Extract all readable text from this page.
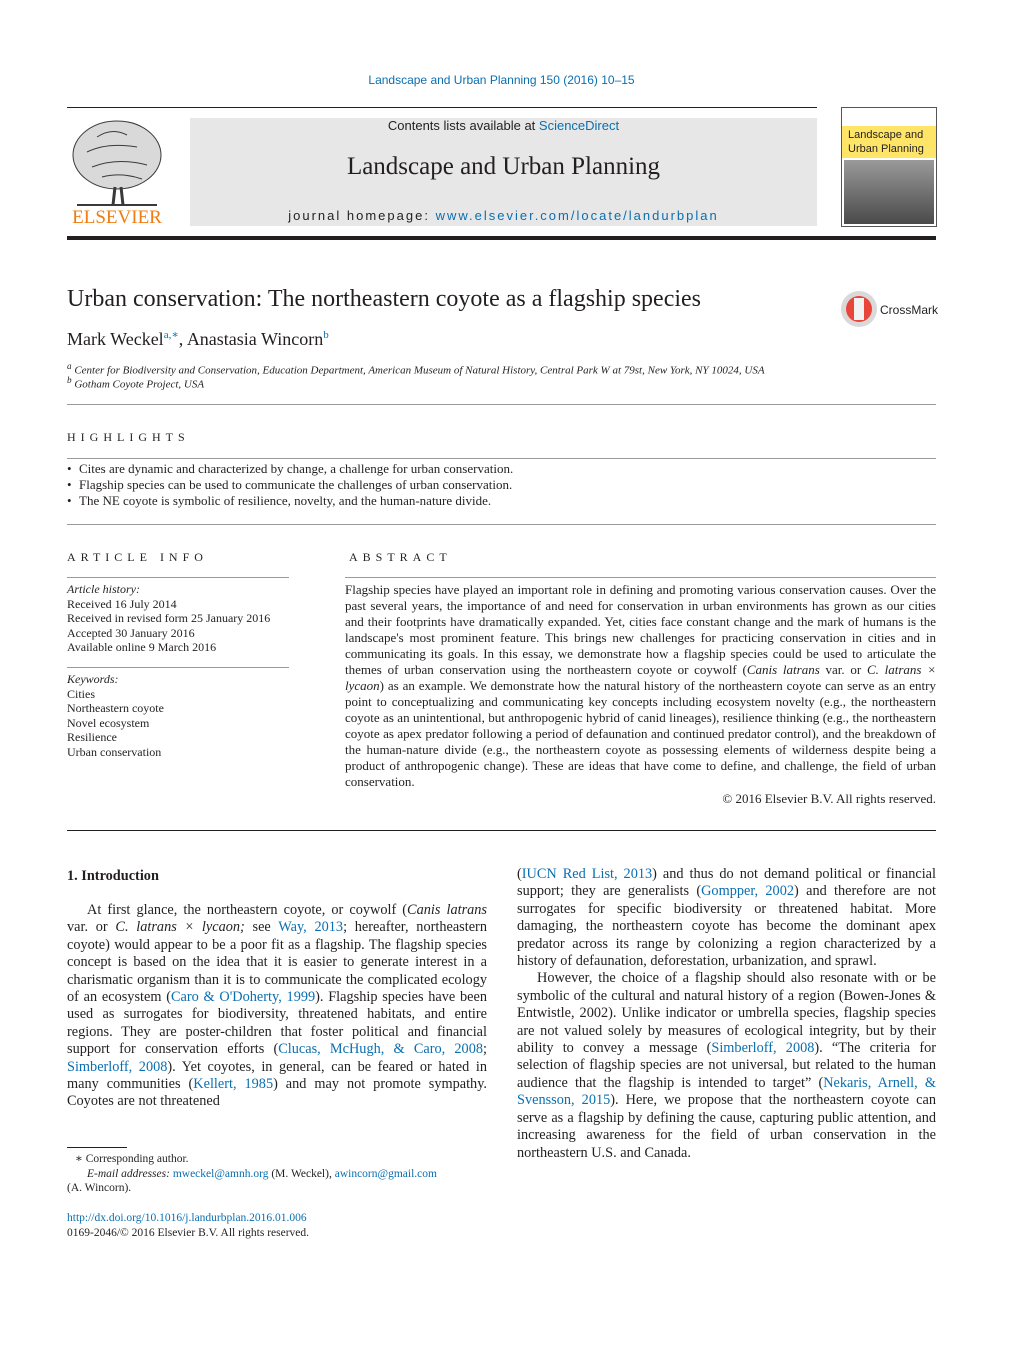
Landscape and Urban Planning 150 (2016) 10–15
ELSEVIER
Contents lists available at ScienceDirect
Landscape and Urban Planning
journal homepage: www.elsevier.com/locate/landurbplan
Landscape and Urban Planning
Urban conservation: The northeastern coyote as a flagship species	CrossMark
Mark Weckel$^{a,∗}$, Anastasia Wincorn$^b$
$^a$ Center for Biodiversity and Conservation, Education Department, American Museum of Natural History, Central Park W at 79st, New York, NY 10024, USA
$^b$ Gotham Coyote Project, USA
HIGHLIGHTS
• Cites are dynamic and characterized by change, a challenge for urban conservation.
• Flagship species can be used to communicate the challenges of urban conservation.
• The NE coyote is symbolic of resilience, novelty, and the human-nature divide.
ARTICLE INFO
Article history:
Received 16 July 2014
Received in revised form 25 January 2016
Accepted 30 January 2016
Available online 9 March 2016
Keywords:
Cities
Northeastern coyote
Novel ecosystem
Resilience
Urban conservation
ABSTRACT
Flagship species have played an important role in defining and promoting various conservation causes. Over the past several years, the importance of and need for conservation in urban environments has grown as our cities and their footprints have dramatically expanded. Yet, cities face constant change and the mark of humans is the landscape's most prominent feature. This brings new challenges for practicing conservation in cities and in communicating its goals. In this essay, we demonstrate how a flagship species could be used to articulate the themes of urban conservation using the northeastern coyote or coywolf (Canis latrans var. or C. latrans × lycaon) as an example. We demonstrate how the natural history of the northeastern coyote can serve as an entry point to conceptualizing and communicating key concepts including ecosystem novelty (e.g., the northeastern coyote as an unintentional, but anthropogenic hybrid of canid lineages), resilience thinking (e.g., the northeastern coyote as apex predator following a period of defaunation and continued predator control), and the breakdown of the human-nature divide (e.g., the northeastern coyote as possessing elements of wilderness despite being a product of anthropogenic change). These are ideas that have come to define, and challenge, the field of urban conservation.
© 2016 Elsevier B.V. All rights reserved.
1. Introduction
At first glance, the northeastern coyote, or coywolf (Canis latrans var. or C. latrans × lycaon; see Way, 2013; hereafter, northeastern coyote) would appear to be a poor fit as a flagship. The flagship species concept is based on the idea that it is easier to generate interest in a charismatic organism than it is to communicate the complicated ecology of an ecosystem (Caro & O'Doherty, 1999). Flagship species have been used as surrogates for biodiversity, threatened habitats, and entire regions. They are poster-children that foster political and financial support for conservation efforts (Clucas, McHugh, & Caro, 2008; Simberloff, 2008). Yet coyotes, in general, can be feared or hated in many communities (Kellert, 1985) and may not promote sympathy. Coyotes are not threatened
(IUCN Red List, 2013) and thus do not demand political or financial support; they are generalists (Gompper, 2002) and therefore are not surrogates for specific biodiversity or threatened habitat. More damaging, the northeastern coyote has become the dominant apex predator across its range by colonizing a region characterized by a history of defaunation, deforestation, urbanization, and sprawl.
However, the choice of a flagship should also resonate with or be symbolic of the cultural and natural history of a region (Bowen-Jones & Entwistle, 2002). Unlike indicator or umbrella species, flagship species are not valued solely by measures of ecological integrity, but by their ability to convey a message (Simberloff, 2008). “The criteria for selection of flagship species are not universal, but related to the human audience that the flagship is intended to target” (Nekaris, Arnell, & Svensson, 2015). Here, we propose that the northeastern coyote can serve as a flagship by defining the cause, capturing public attention, and increasing awareness for the field of urban conservation in the northeastern U.S. and Canada.
∗ Corresponding author.
E-mail addresses: mweckel@amnh.org (M. Weckel), awincorn@gmail.com
(A. Wincorn).
http://dx.doi.org/10.1016/j.landurbplan.2016.01.006
0169-2046/© 2016 Elsevier B.V. All rights reserved.
